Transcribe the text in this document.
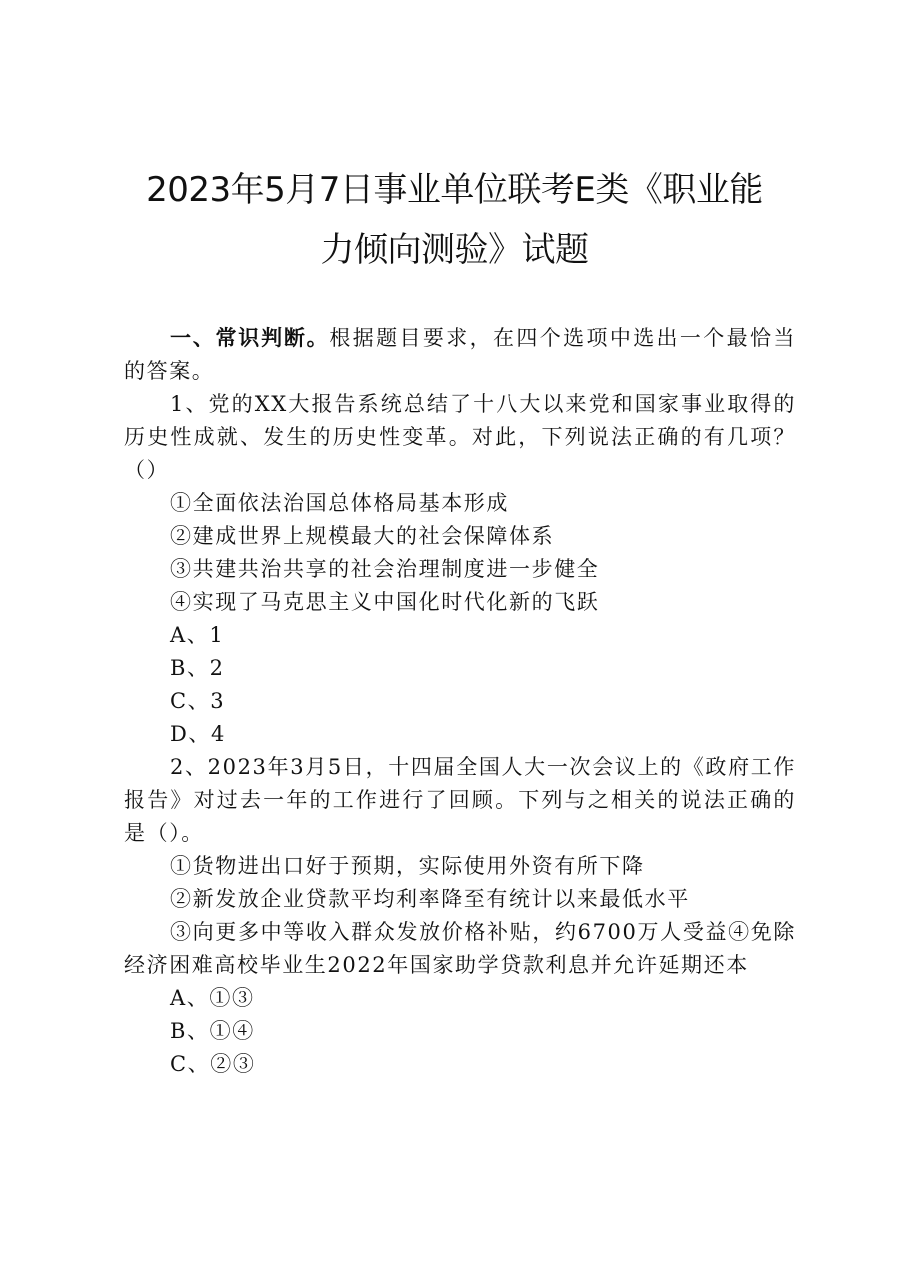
2023年5月7日事业单位联考E类《职业能
力倾向测验》试题

一、常识判断。根据题目要求，在四个选项中选出一个最恰当的答案。

1、党的XX大报告系统总结了十八大以来党和国家事业取得的历史性成就、发生的历史性变革。对此，下列说法正确的有几项？（）

①全面依法治国总体格局基本形成

②建成世界上规模最大的社会保障体系

③共建共治共享的社会治理制度进一步健全

④实现了马克思主义中国化时代化新的飞跃

A、1

B、2

C、3

D、4

2、2023年3月5日，十四届全国人大一次会议上的《政府工作报告》对过去一年的工作进行了回顾。下列与之相关的说法正确的是（）。

①货物进出口好于预期，实际使用外资有所下降

②新发放企业贷款平均利率降至有统计以来最低水平

③向更多中等收入群众发放价格补贴，约6700万人受益④免除经济困难高校毕业生2022年国家助学贷款利息并允许延期还本

A、①③

B、①④

C、②③
